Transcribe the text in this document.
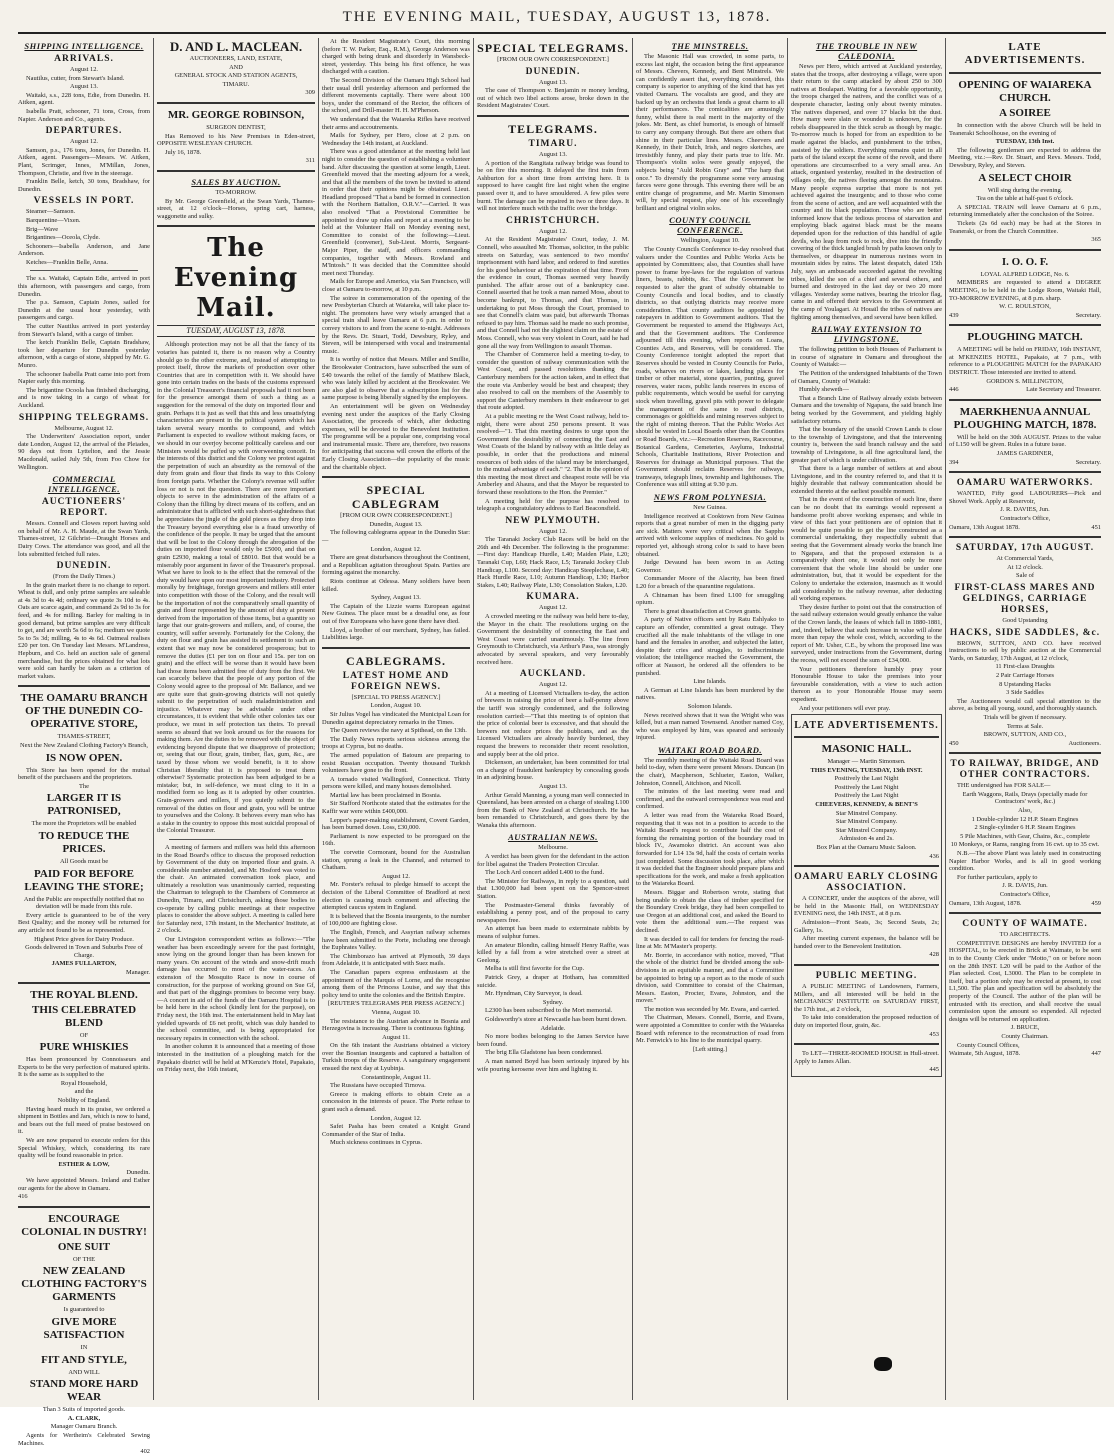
THE EVENING MAIL, TUESDAY, AUGUST 13, 1878.
SHIPPING INTELLIGENCE.
ARRIVALS.
August 12.
Nautilus, cutter, from Stewart's Island.
August 13.
Waitaki, s.s., 228 tons, Edie, from Dunedin. H. Aitken, agent.
Isabella Pratt, schooner, 71 tons, Cross, from Napier. Anderson and Co., agents.
DEPARTURES.
August 12.
Samson, p.s., 176 tons, Jones, for Dunedin. H. Aitken, agent. Passengers—Messrs. W. Aitken, Plant, Scrimger, Innes, M'Millan, Jones, Thompson, Christie, and five in the steerage.
Franklin Belle, ketch, 30 tons, Bradshaw, for Dunedin.
VESSELS IN PORT.
Steamer—Samson.
Barquentine—Vixen.
Brig—Wave
Brigantines—Oceola, Clyde.
Schooners—Isabella Anderson, and Jane Anderson.
Ketches—Franklin Belle, Anna.
The s.s. Waitaki, Captain Edie, arrived in port this afternoon, with passengers and cargo, from Dunedin.
The p.s. Samson, Captain Jones, sailed for Dunedin at the usual hour yesterday, with passengers and cargo.
The cutter Nautilus arrived in port yesterday from Stewart's Island, with a cargo of timber.
The ketch Franklin Belle, Captain Bradshaw, took her departure for Dunedin yesterday afternoon, with a cargo of stone, shipped by Mr. G. Munro.
The schooner Isabella Pratt came into port from Napier early this morning.
The brigantine Ocoola has finished discharging, and is now taking in a cargo of wheat for Auckland.
SHIPPING TELEGRAMS.
Melbourne, August 12.
The Underwriters' Association report, under date London, August 12, the arrival of the Pleiades, 90 days out from Lyttelton, and the Jessie Macdonald, sailed July 5th, from Foo Chow for Wellington.
COMMERCIAL INTELLIGENCE.
AUCTIONEERS' REPORT.
Messrs. Connell and Clowes report having sold on behalf of Mr. A. H. Maude, at the Swan Yards, Thames-street, 12 Gilchrist—Draught Horses and Dairy Cows. The attendance was good, and all the lots submitted fetched full rates.
DUNEDIN.
(From the Daily Times.)
In the grain market there is no change to report. Wheat is dull, and only prime samples are saleable at 4s 3d to 4s 4d; ordinary we quote 3s 10d to 4s. Oats are scarce again, and command 2s 9d to 3s for feed, and 4s for milling. Barley for malting is in good demand, but prime samples are very difficult to get, and are worth 5s 6d to 6s; medium we quote 5s to 5s 3d; milling, 4s to 4s 6d. Oatmeal realises £20 per ton. On Tuesday last Messrs. M'Landress, Hepburn, and Co. held an auction sale of general merchandise, but the prices obtained for what lots were sold can hardly be taken as a criterion of market values.
THE OAMARU BRANCH OF THE DUNEDIN CO-OPERATIVE STORE,
THAMES-STREET,
Next the New Zealand Clothing Factory's Branch,
IS NOW OPEN.
This Store has been opened for the mutual benefit of the purchasers and the proprietors.
The
LARGER IT IS PATRONISED,
The more the Proprietors will be enabled
TO REDUCE THE PRICES.
All Goods must be
PAID FOR BEFORE LEAVING THE STORE;
And the Public are respectfully notified that no deviation will be made from this rule.
Every article is guaranteed to be of the very Best Quality; and the money will be returned for any article not found to be as represented.
Highest Price given for Dairy Produce.
Goods delivered in Town and Suburbs Free of Charge.
JAMES FULLARTON,
Manager.
THE ROYAL BLEND.
THIS CELEBRATED BLEND
OF
PURE WHISKIES
Has been pronounced by Connoisseurs and Experts to be the very perfection of matured spirits. It is the same as is supplied to the
Royal Household,
and the
Nobility of England.
Having heard much in its praise, we ordered a shipment in Bottles and Jars, which is now to hand, and bears out the full meed of praise bestowed on it.
We are now prepared to execute orders for this Special Whiskey, which, considering its rare quality will be found reasonable in price.
ESTHER & LOW,
Dunedin.
We have appointed Messrs. Ireland and Esther our agents for the above in Oamaru.
416
ENCOURAGE COLONIAL IN DUSTRY!
ONE SUIT
OF THE
NEW ZEALAND CLOTHING FACTORY'S GARMENTS
Is guaranteed to
GIVE MORE SATISFACTION
IN
FIT AND STYLE,
AND WILL
STAND MORE HARD WEAR
Than 3 Suits of imported goods.
A. CLARK,
Manager Oamaru Branch.
Agents for Wertheim's Celebrated Sewing Machines.
402
D. AND L. MACLEAN.
AUCTIONEERS, LAND, ESTATE,
AND
GENERAL STOCK AND STATION AGENTS,
TIMARU.
309
MR. GEORGE ROBINSON,
SURGEON DENTIST,
Has Removed to his New Premises in Eden-street, OPPOSITE WESLEYAN CHURCH.
July 16, 1878.
311
SALES BY AUCTION.
TO-MORROW.
By Mr. George Greenfield, at the Swan Yards, Thames-street, at 12 o'clock—Horses, spring cart, harness, waggonette and sulky.
The Evening Mail.
TUESDAY, AUGUST 13, 1878.
Although protection may not be all that the fancy of its votaries has painted it, there is no reason why a Country should go to the other extreme, and, instead of attempting to protect itself, throw the markets of production over other Countries that are in competition with it. We should have gone into certain trades on the basis of the customs expressed in the Colonial Treasurer's financial proposals had it not been for the presence amongst them of such a thing as a suggestion for the removal of the duty on imported flour and grain. Perhaps it is just as well that this and less unsatisfying characteristics are present in the political system which has taken several weary months to compound, and which Parliament is expected to swallow without making faces, or we should in our overjoy become politically careless and our Ministers would be puffed up with overweening conceit. In the interests of this district and the Colony we protest against the perpetration of such an absurdity as the removal of the duty from grain and flour that finds its way to this Colony from foreign parts. Whether the Colony's revenue will suffer loss or not is not the question. There are more important objects to serve in the administration of the affairs of a Colony than the filling by direct means of its coffers, and an administrator that is afflicted with such short-sightedness that he appreciates the jingle of the gold pieces as they drop into the Treasury beyond everything else is a fraud unworthy of the confidence of the people. It may be urged that the amount that will be lost to the Colony through the abrogation of the duties on imported flour would only be £5000, and that on grain £2930, making a total of £8010. But that would be a miserably poor argument in favor of the Treasurer's proposal. What we have to look to is the effect that the removal of the duty would have upon our most important industry. Protected morally by freightage, foreign growers and millers still enter into competition with those of the Colony, and the result will be the importation of not the comparatively small quantity of grain and flour represented by the amount of duty at present derived from the importation of those items, but a quantity so large that our grain-growers and millers, and, of course, the country, will suffer severely. Fortunately for the Colony, the duty on flour and grain has assisted its settlement to such an extent that we may now be considered prosperous; but to remove the duties (£1 per ton on flour and 15s. per ton on grain) and the effect will be worse than it would have been had those items been admitted free of duty from the first. We can scarcely believe that the people of any portion of the Colony would agree to the proposal of Mr. Ballance, and we are quite sure that grain-growing districts will not quietly submit to the perpetration of such maladministration and injustice. Whatever may be advisable under other circumstances, it is evident that while other colonies tax our produce, we must in self protection tax theirs. To prevail seems so absurd that we look around us for the reasons for making them. Are the duties to be removed with the object of evidencing beyond dispute that we disapprove of protection; or, seeing that our flour, grain, timber, flax, gum, &c., are taxed by those whom we would benefit, is it to show Christian liberality that it is proposed to treat them otherwise? Systematic protection has been adjudged to be a mistake; but, in self-defence, we must cling to it in a modified form so long as it is adopted by other countries. Grain-growers and millers, if you quietly submit to the removal of the duties on flour and grain, you will be untrue to yourselves and the Colony. It behoves every man who has a stake in the country to oppose this most suicidal proposal of the Colonial Treasurer.
A meeting of farmers and millers was held this afternoon in the Road Board's office to discuss the proposed reduction by Government of the duty on imported flour and grain. A considerable number attended, and Mr. Hosford was voted to the chair. An animated conversation took place, and ultimately a resolution was unanimously carried, requesting the Chairman to telegraph to the Chambers of Commerce at Dunedin, Timaru, and Christchurch, asking those bodies to co-operate by calling public meetings at their respective places to consider the above subject. A meeting is called here for Saturday next, 17th instant, in the Mechanics' Institute, at 2 o'clock.
Our Livingston correspondent writes as follows:—"The weather has been exceedingly severe for the past fortnight, snow lying on the ground longer than has been known for many years. On account of the winds and snow-drift much damage has occurred to most of the water-races. An extension of the Mosquito Race is now in course of construction, for the purpose of working ground on Sue Gf, and that part of the diggings promises to become very busy.—A concert in aid of the funds of the Oamaru Hospital is to be held here in the school (kindly lent for the purpose), on Friday next, the 16th inst. The entertainment held in May last yielded upwards of £6 net profit, which was duly handed to the school committee, and is being appropriated for necessary repairs in connection with the school.
In another column it is announced that a meeting of those interested in the institution of a ploughing match for the Papakaio district will be held at M'Kenzie's Hotel, Papakaio, on Friday next, the 16th instant,
At the Resident Magistrate's Court, this morning (before T. W. Parker, Esq., R.M.), George Anderson was charged with being drunk and disorderly in Wansbeck-street, yesterday. This being his first offence, he was discharged with a caution.
The Second Division of the Oamaru High School had their usual drill yesterday afternoon and performed the different movements capitally. There were about 100 boys, under the command of the Rector, the officers of the school, and Drill-master H. H. M'Pherson.
We understand that the Waiareka Rifles have received their arms and accoutrements.
Mails for Sydney, per Hero, close at 2 p.m. on Wednesday the 14th instant, at Auckland.
There was a good attendance at the meeting held last night to consider the question of establishing a volunteer band. After discussing the question at some length, Lieut. Greenfield moved that the meeting adjourn for a week, and that all the members of the town be invited to attend in order that their opinions might be obtained. Lieut. Headland proposed "That a band be formed in connection with the Northern Battalion, O.R.V."—Carried. It was also resolved "That a Provisional Committee be appointed to draw up rules and report at a meeting to be held at the Volunteer Hall on Monday evening next, Committee to consist of the following:—Lieut. Greenfield (convener), Sub-Lieut. Morris, Sergeant-Major Piper, the staff, and officers commanding companies, together with Messrs. Rowland and M'Intosh." It was decided that the Committee should meet next Thursday.
Mails for Europe and America, via San Francisco, will close at Oamaru to-morrow, at 10 p.m.
The soiree in commemoration of the opening of the new Presbyterian Church at Waiareka, will take place to-night. The promoters have very wisely arranged that a special train shall leave Oamaru at 6 p.m. in order to convey visitors to and from the scene to-night. Addresses by the Revs. Dr. Stuart, Todd, Dewsbury, Ryley, and Steven, will be interspersed with vocal and instrumental music.
It is worthy of notice that Messrs. Miller and Smillie, the Brookwater Contractors, have subscribed the sum of £40 towards the relief of the family of Matthew Black, who was lately killed by accident at the Brookwater. We are also glad to observe that a subscription list for the same purpose is being liberally signed by the employees.
An entertainment will be given on Wednesday evening next under the auspices of the Early Closing Association, the proceeds of which, after deducting expenses, will be devoted to the Benevolent Institution. The programme will be a popular one, comprising vocal and instrumental music. There are, therefore, two reasons for anticipating that success will crown the efforts of the Early Closing Association—the popularity of the music and the charitable object.
SPECIAL CABLEGRAM
[FROM OUR OWN CORRESPONDENT.]
Dunedin, August 13.
The following cablegrams appear in the Dunedin Star:—
London, August 12.
There are great disturbances throughout the Continent, and a Republican agitation throughout Spain. Parties are forming against the monarchy.
Riots continue at Odessa. Many soldiers have been killed.
Sydney, August 13.
The Captain of the Lizzie warns European against New Guinea. The place must be a dreadful one, as four out of five Europeans who have gone there have died.
Lloyd, a brother of our merchant, Sydney, has failed. Liabilities large.
CABLEGRAMS.
LATEST HOME AND FOREIGN NEWS.
[SPECIAL TO PRESS AGENCY.]
London, August 10.
Sir Julius Vogel has vindicated the Municipal Loan for Dunedin against depreciatory remarks in the Times.
The Queen reviews the navy at Spithead, on the 13th.
The Daily News reports serious sickness among the troops at Cyprus, but no deaths.
The armed population of Batoum are preparing to resist Russian occupation. Twenty thousand Turkish volunteers have gone to the front.
A tornado visited Wallingford, Connecticut. Thirty persons were killed, and many houses demolished.
Martial law has been proclaimed in Bosnia.
Sir Stafford Northcote stated that the estimates for the Kaffir war were within £400,000.
Lepper's paper-making establishment, Covent Garden, has been burned down. Loss, £30,000.
Parliament is now expected to be prorogued on the 16th.
The corvette Cormorant, bound for the Australian station, sprung a leak in the Channel, and returned to Chatham.
August 12.
Mr. Forster's refusal to pledge himself to accept the decision of the Liberal Committee of Bradford at next election is causing much comment and affecting the attempted caucus system in England.
It is believed that the Bosnia insurgents, to the number of 100,000 are fighting close.
The English, French, and Assyrian railway schemes have been submitted to the Porte, including one through the Euphrates Valley.
The Chimborazo has arrived at Plymouth, 39 days from Adelaide, it is anticipated with Suez mails.
The Canadian papers express enthusiasm at the appointment of the Marquis of Lorne, and the recognise among them of the Princess Louise, and say that this policy tend to unite the colonies and the British Empire.
[REUTER'S TELEGRAMS PER PRESS AGENCY.]
Vienna, August 10.
The resistance to the Austrian advance in Bosnia and Herzegovina is increasing. There is continuous fighting.
August 11.
On the 6th instant the Austrians obtained a victory over the Bosnian insurgents and captured a battalion of Turkish troops of the Reserve. A sanguinary engagement ensued the next day at Lyubinja.
Constantinople, August 11.
The Russians have occupied Tirnova.
Greece is making efforts to obtain Crete as a concession in the interests of peace. The Porte refuse to grant such a demand.
London, August 12.
Safet Pasha has been created a Knight Grand Commander of the Star of India.
Much sickness continues in Cyprus.
SPECIAL TELEGRAMS.
[FROM OUR OWN CORRESPONDENT.]
DUNEDIN.
August 13.
The case of Thompson v. Benjamin re money lending, out of which two libel actions arose, broke down in the Resident Magistrates' Court.
TELEGRAMS.
TIMARU.
August 13.
A portion of the Rangitata railway bridge was found to be on fire this morning. It delayed the first train from Ashburton for a short time from arriving here. It is supposed to have caught fire last night when the engine passed over it, and to have smouldered. A few piles were burnt. The damage can be repaired in two or three days. It will not interfere much with the traffic over the bridge.
CHRISTCHURCH.
August 12.
At the Resident Magistrates' Court, today, J. M. Connell, who assaulted Mr. Thomas, solicitor, in the public streets on Saturday, was sentenced to two months' imprisonment with hard labor, and ordered to find sureties for his good behaviour at the expiration of that time. From the evidence in court, Thomas seemed very heavily punished. The affair arose out of a bankruptcy case. Connell asserted that he took a man named Moss, about to become bankrupt, to Thomas, and that Thomas, in undertaking to put Moss through the Court, promised to see that Connell's claim was paid, but afterwards Thomas refused to pay him. Thomas said he made no such promise, and that Connell had not the slightest claim on the estate of Moss. Connell, who was very violent in Court, said he had gone all the way from Wellington to assault Thomas.
The Chamber of Commerce held a meeting to-day, to consider the question of railway communication with the West Coast, and passed resolutions thanking the Canterbury members for the action taken, and in effect that the route via Amberley would be best and cheapest; they also resolved to call on the members of the Assembly to support the Canterbury members in their endeavour to get that route adopted.
At a public meeting re the West Coast railway, held to-night, there were about 250 persons present. It was resolved—"1. That this meeting desires to urge upon the Government the desirability of connecting the East and West Coasts of the Island by railway with as little delay as possible, in order that the productions and mineral resources of both sides of the island may be interchanged, to the mutual advantage of each." "2. That in the opinion of this meeting the most direct and cheapest route will be via Amberley and Ahaura, and that the Mayor be requested to forward these resolutions to the Hon. the Premier."
A meeting held for the purpose has resolved to telegraph a congratulatory address to Earl Beaconsfield.
NEW PLYMOUTH.
August 12.
The Taranaki Jockey Club Races will be held on the 26th and 4th December. The following is the programme:—First day: Handicap Hurdle, L40; Maiden Plate, L20; Taranaki Cup, L60; Hack Race, L5; Taranaki Jockey Club Handicap, L100. Second day: Handicap Steeplechase, L40; Hack Hurdle Race, L10; Autumn Handicap, L30; Harbor Stakes, L40; Railway Plate, L30; Consolation Stakes, L20.
KUMARA.
August 12.
A crowded meeting re the railway was held here to-day, the Mayor in the chair. The resolutions urging on the Government the desirability of connecting the East and West Coast were carried unanimously. The line from Greymouth to Christchurch, via Arthur's Pass, was strongly advocated by several speakers, and very favourably received here.
AUCKLAND.
August 12.
At a meeting of Licensed Victuallers to-day, the action of brewers in raising the price of beer a half-penny above the tariff was strongly condemned, and the following resolution carried:—"That this meeting is of opinion that the price of colonial beer is excessive, and that should the brewers not reduce prices the publicans, and as the Licensed Victuallers are already heavily burdened, they request the brewers to reconsider their recent resolution, and supply beer at the old price.
Dickenson, an undertaker, has been committed for trial on a charge of fraudulent bankruptcy by concealing goods in an adjoining house.
August 13.
Arthur Gerald Manning, a young man well connected in Queensland, has been arrested on a charge of stealing L100 from the Bank of New Zealand at Christchurch. He has been remanded to Christchurch, and goes there by the Wanaka this afternoon.
AUSTRALIAN NEWS.
Melbourne.
A verdict has been given for the defendant in the action for libel against the Traders Protection Circular.
The Loch Ard concert added L400 to the fund.
The Minister for Railways, in reply to a question, said that L300,000 had been spent on the Spencer-street Station.
The Postmaster-General thinks favorably of establishing a penny post, and of the proposal to carry newspapers free.
An attempt has been made to exterminate rabbits by means of sulphur fumes.
An amateur Blondin, calling himself Henry Raffie, was killed by a fall from a wire stretched over a street at Geelong.
Melba is still first favorite for the Cup.
Patrick Grey, a draper at Hotham, has committed suicide.
Mr. Hyndman, City Surveyor, is dead.
Sydney.
L2300 has been subscribed to the Mort memorial.
Goldsworthy's store at Newcastle has been burnt down.
Adelaide.
No more bodies belonging to the James Service have been found.
The brig Ella Gladstone has been condemned.
A man named Boyd has been seriously injured by his wife pouring kerosene over him and lighting it.
THE MINSTRELS.
The Masonic Hall was crowded, in some parts, to excess last night, the occasion being the first appearance of Messrs. Chevers, Kennedy, and Bent Minstrels. We can confidently assert that, everything considered, this company is superior to anything of the kind that has yet visited Oamaru. The vocalists are good, and they are backed up by an orchestra that lends a great charm to all their performances. The comicalities are amusingly funny, whilst there is real merit in the majority of the jokes. Mr. Bent, as chief humorist, is enough of himself to carry any company through. But there are others that shine in their particular lines. Messrs. Cheevers and Kennedy, in their Dutch, Irish, and negro sketches, are irresistibly funny, and play their parts true to life. Mr. Thompson's violin solos were greatly enjoyed, the subjects being "Auld Robin Gray" and "The harp that once." To diversify the programme some very amusing farces were gone through. This evening there will be an entire change of programme, and Mr. Martin Simonsen will, by special request, play one of his exceedingly brilliant and original violin solos.
COUNTY COUNCIL CONFERENCE.
Wellington, August 10.
The County Councils Conference to-day resolved that valuers under the Counties and Public Works Acts be appointed by Committees; also, that Counties shall have power to frame bye-laws for the regulation of various liners, beasts, rabbits, &c. That the Government be requested to alter the grant of subsidy obtainable to County Councils and local bodies, and to classify districts, so that outlying districts may receive more consideration. That county auditors be appointed by ratepayers in addition to Government auditors. That the Government be requested to amend the Highways Act, and that the Government auditors. The Conference adjourned till this evening, when reports on Loans, Counties Acts, and Reserves, will be considered. The County Conference tonight adopted the report that Reserves should be vested in County Councils for Parks, roads, wharves on rivers or lakes, landing places for timber or other material, stone quarries, punting, gravel reserves, water races, public lands reserves in excess of public requirements, which would be useful for carrying stock when travelling, gravel pits with power to delegate the management of the same to road districts, commonages or goldfields and mining reserves subject to the right of mining thereon. That the Public Works Act should be vested in Local Boards other than the Counties or Road Boards, viz.:—Recreation Reserves, Racecourse, Botanical Gardens, Cemeteries, Asylums, Industrial Schools, Charitable Institutions, River Protection and Reserves for drainage as Municipal purposes. That the Government should reclaim Reserves for railways, tramways, telegraph lines, township and lighthouses. The Conference was still sitting at 9.30 p.m.
NEWS FROM POLYNESIA.
New Guinea.
Intelligence received at Cooktown from New Guinea reports that a great number of men in the digging party are sick. Matters were very critical when the Sappho arrived with welcome supplies of medicines. No gold is reported yet, although strong color is said to have been obtained.
Judge Devaund has been sworn in as Acting Governor.
Commander Moore of the Alacrity, has been fined L20 for a breach of the quarantine regulations.
A Chinaman has been fined L100 for smuggling opium.
There is great dissatisfaction at Crown grants.
A party of Native officers sent by Ratu Eshlyako to capture an offender, committed a great outrage. They crucified all the male inhabitants of the village in one hand and the females in another, and subjected the latter, despite their cries and struggles, to indiscriminate violation; the intelligence reached the Government, the officer at Nausori, he ordered all the offenders to be punished.
Line Islands.
A German at Line Islands has been murdered by the natives.
Solomon Islands.
News received shows that it was the Wright who was killed, but a man named Townsend. Another named Coy, who was employed by him, was speared and seriously injured.
WAITAKI ROAD BOARD.
The monthly meeting of the Waitaki Road Board was held to-day, when there were present Messrs. Duncan (in the chair), Macpherson, Schlueter, Easton, Walker, Johnston, Connell, Aitchison, and Nicoll.
The minutes of the last meeting were read and confirmed, and the outward correspondence was read and confirmed.
A letter was read from the Waiareka Road Board, requesting that it was not in a position to accede to the Waitaki Board's request to contribute half the cost of forming the remaining portion of the boundary road in block IV., Awamoko district. An account was also forwarded for L14 13s 9d, half the costs of certain works just completed. Some discussion took place, after which it was decided that the Engineer should prepare plans and specifications for the work, and make a fresh application to the Waiareka Board.
Messrs. Biggar and Robertson wrote, stating that being unable to obtain the class of timber specified for the Boundary Creek bridge, they had been compelled to use Oregon at an additional cost, and asked the Board to vote them the additional sum.—The request was declined.
It was decided to call for tenders for fencing the road-line at Mr. M'Master's property.
Mr. Borrie, in accordance with notice, moved, "That the whole of the district fund be divided among the sub-divisions in an equitable manner, and that a Committee be appointed to bring up a report as to the mode of such division, said Committee to consist of the Chairman, Messrs. Easton, Procter, Evans, Johnston, and the mover."
The motion was seconded by Mr. Evans, and carried.
The Chairman, Messrs. Connell, Borrie, and Evans, were appointed a Committee to confer with the Waiareka Board with reference to the reconstruction of road from Mr. Fenwick's to his line to the municipal quarry.
[Left sitting.]
THE TROUBLE IN NEW CALEDONIA.
News per Hero, which arrived at Auckland yesterday, states that the troops, after destroying a village, were upon their return to the camp attacked by about 250 to 300 natives at Boulapari. Waiting for a favorable opportunity, the troops charged the natives, and the conflict was of a desperate character, lasting only about twenty minutes. The natives dispersed, and over 17 blacks bit the dust. How many were slain or wounded is unknown, for the rebels disappeared in the thick scrub as though by magic. To-morrow much is hoped for from an expedition to be made against the blacks, and punishment to the tribes, assisted by the soldiers. Everything remains quiet in all parts of the island except the scene of the revolt, and there operations are circumscribed to a very small area. An attack, organised yesterday, resulted in the destruction of villages only, the natives fleeing amongst the mountains. Many people express surprise that more is not yet achieved against the insurgents; and to those who come from the scene of action, and are well acquainted with the country and its black population. Those who are better informed know that the tedious process of starvation and employing black against black must be the means depended upon for the reduction of this handful of agile devils, who leap from rock to rock, dive into the friendly covering of the thick tangled brush by paths known only to themselves, or disappear in numerous ravines worn in mountain sides by rains. The latest despatch, dated 15th July, says an ambuscade succeeded against the revolting tribes, killed the son of a chief and several others, and burned and destroyed in the last day or two 20 more villages. Yesterday some natives, bearing the tricolor flag, came in and offered their services to the Government at the camp of Youlagari. At Houaïl the tribes of natives are fighting among themselves, and several have been killed.
RAILWAY EXTENSION TO LIVINGSTONE.
The following petition to both Houses of Parliament is in course of signature in Oamaru and throughout the County of Waitaki:—
The Petition of the undersigned Inhabitants of the Town of Oamaru, County of Waitaki:
Humbly sheweth—
That a Branch Line of Railway already exists between Oamaru and the township of Ngapara, the said branch line being worked by the Government, and yielding highly satisfactory returns.
That the boundary of the unsold Crown Lands is close to the township of Livingstone, and that the intervening country is, between the said branch railway and the said township of Livingstone, is all fine agricultural land, the greater part of which is under cultivation.
That there is a large number of settlers at and about Livingstone, and in the country referred to, and that it is highly desirable that railway communication should be extended thereto at the earliest possible moment.
That in the event of the construction of such line, there can be no doubt that its earnings would represent a handsome profit above working expenses; and while in view of this fact your petitioners are of opinion that it would be quite possible to get the line constructed as a commercial undertaking, they respectfully submit that seeing that the Government already works the branch line to Ngapara, and that the proposed extension is a comparatively short one, it would not only be more convenient that the whole line should be under one administration, but, that it would be expedient for the Colony to undertake the extension, inasmuch as it would add considerably to the railway revenue, after deducting all working expenses.
They desire further to point out that the construction of the said railway extension would greatly enhance the value of the Crown lands, the leases of which fall in 1880-1881, and, indeed, believe that such increase in value will alone more than repay the whole cost, which, according to the report of Mr. Usher, C.E., by whom the proposed line was surveyed, under instructions from the Government, during the recess, will not exceed the sum of £34,000.
Your petitioners therefore humbly pray your Honourable House to take the premises into your favourable consideration, with a view to such action thereon as to your Honourable House may seem expedient.
And your petitioners will ever pray.
LATE ADVERTISEMENTS.
MASONIC HALL.
Manager — Martin Simonsen.
THIS EVENING, TUESDAY, 13th INST.
Positively the Last Night
Positively the Last Night
Positively the Last Night
CHEEVERS, KENNEDY, & BENT'S
Star Minstrel Company.
Star Minstrel Company.
Star Minstrel Company.
Admission 4s and 2s.
Box Plan at the Oamaru Music Saloon.
436
OAMARU EARLY CLOSING ASSOCIATION.
A CONCERT, under the auspices of the above, will be held in the Masonic Hall, on WEDNESDAY EVENING next, the 14th INST., at 8 p.m.
Admission—Front Seats, 3s; Second Seats, 2s; Gallery, 1s.
After meeting current expenses, the balance will be handed over to the Benevolent Institution.
428
PUBLIC MEETING.
A PUBLIC MEETING of Landowners, Farmers, Millers, and all interested will be held in the MECHANICS' INSTITUTE on SATURDAY FIRST, the 17th inst., at 2 o'clock,
To take into consideration the proposed reduction of duty on imported flour, grain, &c.
453
To LET—THREE-ROOMED HOUSE in Hull-street. Apply to James Allan.
445
LATE ADVERTISEMENTS.
OPENING OF WAIAREKA CHURCH.
A SOIREE
In connection with the above Church will be held in Teaneraki Schoolhouse, on the evening of
TUESDAY, 13th Inst.
The following gentlemen are expected to address the Meeting, viz.:—Rev. Dr. Stuart, and Revs. Messrs. Todd, Dewsbury, Ryley, and Steven.
A SELECT CHOIR
Will sing during the evening.
Tea on the table at half-past 6 o'clock.
A SPECIAL TRAIN will leave Oamaru at 6 p.m., returning immediately after the conclusion of the Soiree.
Tickets (2s 6d each) may be had at the Stores in Teaneraki, or from the Church Committee.
365
I. O. O. F.
LOYAL ALFRED LODGE, No. 6.
MEMBERS are requested to attend a DEGREE MEETING, to be held in the Lodge Room, Waitaki Hall, TO-MORROW EVENING, at 8 p.m. sharp.
W. C. ROULSTON,
439	Secretary.
PLOUGHING MATCH.
A MEETING will be held on FRIDAY, 16th INSTANT, at M'KENZIES HOTEL, Papakaio, at 7 p.m., with reference to a PLOUGHING MATCH for the PAPAKAIO DISTRICT. Those interested are invited to attend.
GORDON S. MILLINGTON,
446	Late Secretary and Treasurer.
MAERKHENUA ANNUAL PLOUGHING MATCH, 1878.
Will be held on the 30th AUGUST. Prizes to the value of L150 will be given. Rules in a future issue.
JAMES GARDINER,
394	Secretary.
OAMARU WATERWORKS.
WANTED, Fifty good LABOURERS—Pick and Shovel Work. Apply at Reservoir,
J. R. DAVIES, Jun.
Contractor's Office,
Oamaru, 13th August 1878.	451
SATURDAY, 17th AUGUST.
At Commercial Yards,
At 12 o'clock.
Sale of
FIRST-CLASS MARES AND GELDINGS, CARRIAGE HORSES,
Good Upstanding
HACKS, SIDE SADDLES, &c.
BROWN, SUTTON, AND CO. have received instructions to sell by public auction at the Commercial Yards, on Saturday, 17th August, at 12 o'clock,
11 First-class Draughts
2 Pair Carriage Horses
8 Upstanding Hacks
3 Side Saddles
The Auctioneers would call special attention to the above, as being all young, sound, and thoroughly staunch.
Trials will be given if necessary.
Terms at Sale.
BROWN, SUTTON, AND CO.,
450	Auctioneers.
TO RAILWAY, BRIDGE, AND OTHER CONTRACTORS.
THE undersigned has FOR SALE—
Earth Waggons, Rails, Drays (specially made for Contractors' work, &c.)
Also,
1 Double-cylinder 12 H.P. Steam Engines
2 Single-cylinder 6 H.P. Steam Engines
5 Pile Machines, with Gear, Chains, &c., complete
10 Monkeys, or Rams, ranging from 16 cwt. up to 35 cwt.
N.B.—The above Plant was lately used in constructing Napier Harbor Works, and is all in good working condition.
For further particulars, apply to
J. R. DAVIS, Jun.
Contractor's Office,
Oamaru, 13th August, 1878.	459
COUNTY OF WAIMATE.
TO ARCHITECTS.
COMPETITIVE DESIGNS are hereby INVITED for a HOSPITAL, to be erected in Brick at Waimate, to be sent in to the County Clerk under "Motto," on or before noon on the 28th INST. L20 will be paid to the Author of the Plan selected. Cost, L3000. The Plan to be complete in itself, but a portion only may be erected at present, to cost L1,500. The plan and specification will be absolutely the property of the Council. The author of the plan will be entrusted with its erection, and shall receive the usual commission upon the amount so expended. All rejected designs will be returned on application.
J. BRUCE,
County Chairman.
County Council Offices,
Waimate, 5th August, 1878.	447
